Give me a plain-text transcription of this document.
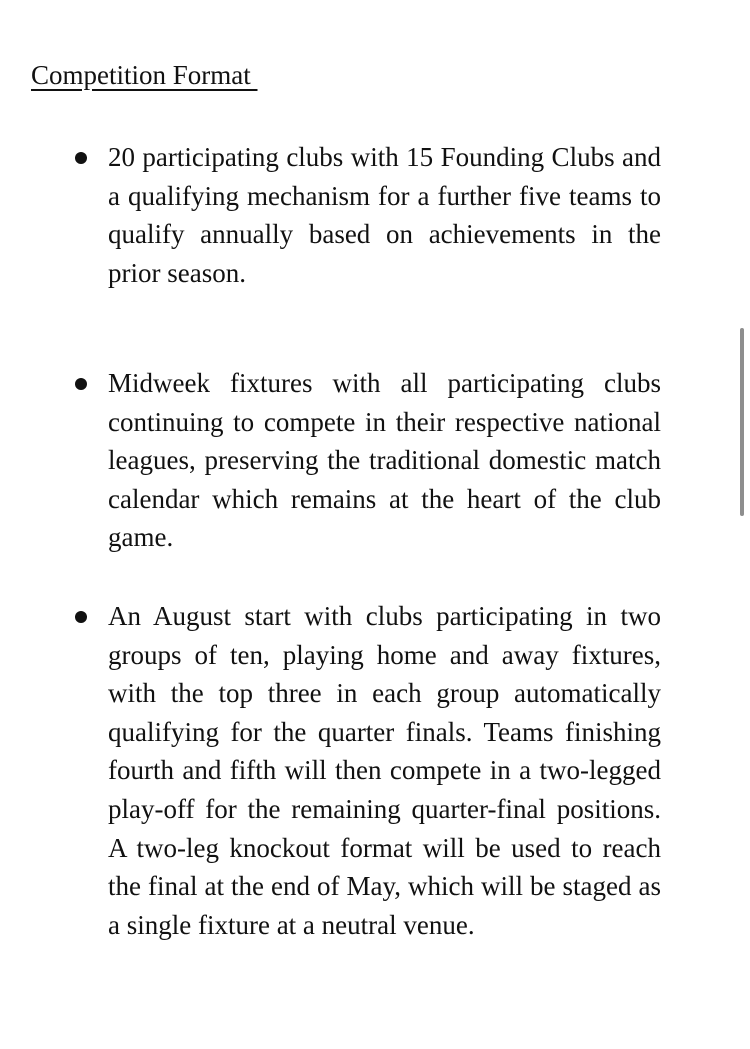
Competition Format

20 participating clubs with 15 Founding Clubs and a qualifying mechanism for a further five teams to qualify annually based on achievements in the prior season.

Midweek fixtures with all participating clubs continuing to compete in their respective national leagues, preserving the traditional domestic match calendar which remains at the heart of the club game.

An August start with clubs participating in two groups of ten, playing home and away fixtures, with the top three in each group automatically qualifying for the quarter finals. Teams finishing fourth and fifth will then compete in a two-legged play-off for the remaining quarter-final positions. A two-leg knockout format will be used to reach the final at the end of May, which will be staged as a single fixture at a neutral venue.
